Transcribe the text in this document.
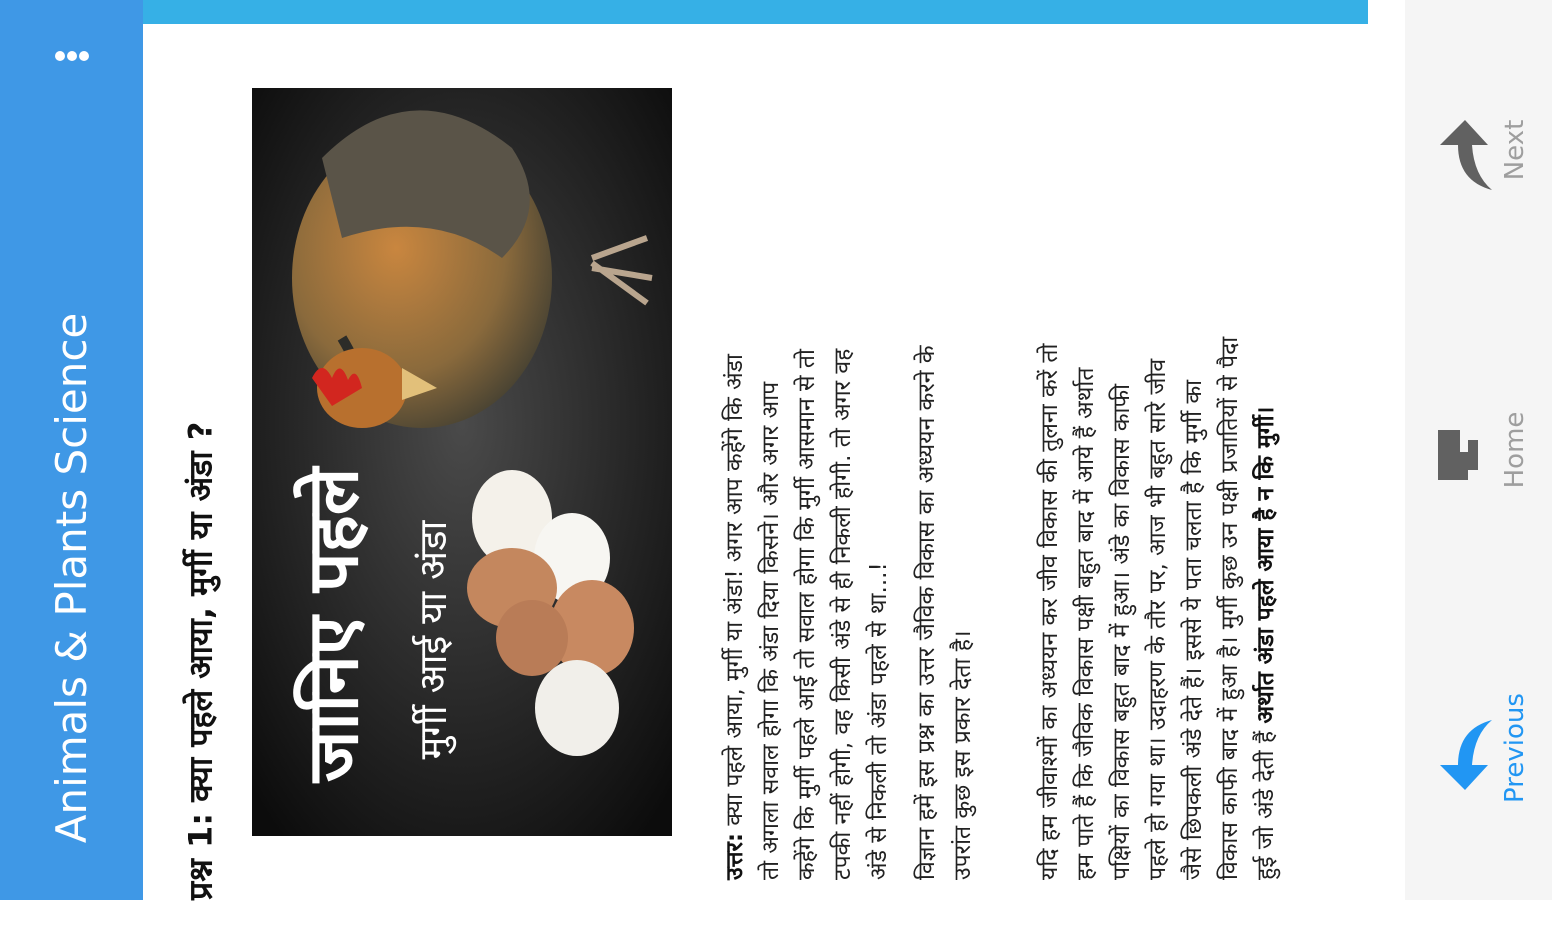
Animals & Plants Science	प्रश्न 1: क्या पहले आया, मुर्गी या अंडा ? जानिए पहले मुर्गी आई या अंडा
उत्तर: क्या पहले आया, मुर्गी या अंडा! अगर आप कहेंगे कि अंडा तो अगला सवाल होगा कि अंडा दिया किसने। और अगर आप कहेंगे कि मुर्गी पहले आई तो सवाल होगा कि मुर्गी आसमान से तो टपकी नहीं होगी, वह किसी अंडे से ही निकली होगी. तो अगर वह अंडे से निकली तो अंडा पहले से था...! विज्ञान हमें इस प्रश्न का उत्तर जैविक विकास का अध्ययन करने के उपरांत कुछ इस प्रकार देता है।	यदि हम जीवाश्मों का अध्ययन कर जीव विकास की तुलना करें तो हम पाते हैं कि जैविक विकास पक्षी बहुत बाद में आये हैं अर्थात पक्षियों का विकास बहुत बाद में हुआ। अंडे का विकास काफी पहले हो गया था। उदाहरण के तौर पर, आज भी बहुत सारे जीव जैसे छिपकली अंडे देते हैं। इससे ये पता चलता है कि मुर्गी का विकास काफी बाद में हुआ है। मुर्गी कुछ उन पक्षी प्रजातियों से पैदा हुई जो अंडे देती हैं अर्थात अंडा पहले आया है न कि मुर्गी।
Next
Home
Previous
